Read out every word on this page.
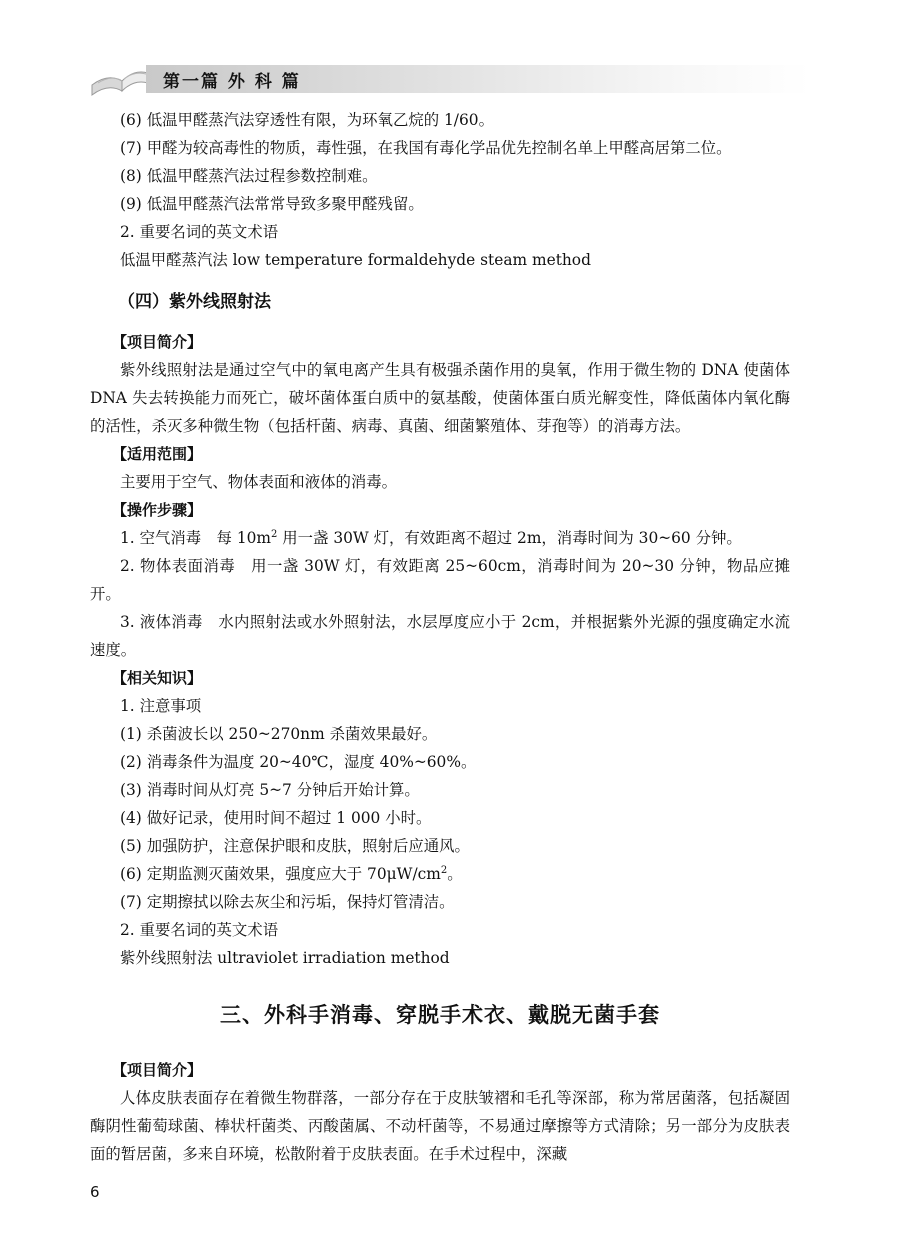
第一篇 外 科 篇

(6) 低温甲醛蒸汽法穿透性有限，为环氧乙烷的 1/60。

(7) 甲醛为较高毒性的物质，毒性强，在我国有毒化学品优先控制名单上甲醛高居第二位。

(8) 低温甲醛蒸汽法过程参数控制难。

(9) 低温甲醛蒸汽法常常导致多聚甲醛残留。

2. 重要名词的英文术语

低温甲醛蒸汽法 low temperature formaldehyde steam method

（四）紫外线照射法
【项目简介】

紫外线照射法是通过空气中的氧电离产生具有极强杀菌作用的臭氧，作用于微生物的 DNA 使菌体 DNA 失去转换能力而死亡，破坏菌体蛋白质中的氨基酸，使菌体蛋白质光解变性，降低菌体内氧化酶的活性，杀灭多种微生物（包括杆菌、病毒、真菌、细菌繁殖体、芽孢等）的消毒方法。

【适用范围】

主要用于空气、物体表面和液体的消毒。

【操作步骤】

1. 空气消毒　每 $10m^2$ 用一盏 30W 灯，有效距离不超过 2m，消毒时间为 30~60 分钟。

2. 物体表面消毒　用一盏 30W 灯，有效距离 25~60cm，消毒时间为 20~30 分钟，物品应摊开。

3. 液体消毒　水内照射法或水外照射法，水层厚度应小于 2cm，并根据紫外光源的强度确定水流速度。

【相关知识】

1. 注意事项

(1) 杀菌波长以 250~270nm 杀菌效果最好。

(2) 消毒条件为温度 20~40℃，湿度 40%~60%。

(3) 消毒时间从灯亮 5~7 分钟后开始计算。

(4) 做好记录，使用时间不超过 1 000 小时。

(5) 加强防护，注意保护眼和皮肤，照射后应通风。

(6) 定期监测灭菌效果，强度应大于 $70\mu W/cm^2$。

(7) 定期擦拭以除去灰尘和污垢，保持灯管清洁。

2. 重要名词的英文术语

紫外线照射法 ultraviolet irradiation method

三、外科手消毒、穿脱手术衣、戴脱无菌手套
【项目简介】

人体皮肤表面存在着微生物群落，一部分存在于皮肤皱褶和毛孔等深部，称为常居菌落，包括凝固酶阴性葡萄球菌、棒状杆菌类、丙酸菌属、不动杆菌等，不易通过摩擦等方式清除；另一部分为皮肤表面的暂居菌，多来自环境，松散附着于皮肤表面。在手术过程中，深藏

6
